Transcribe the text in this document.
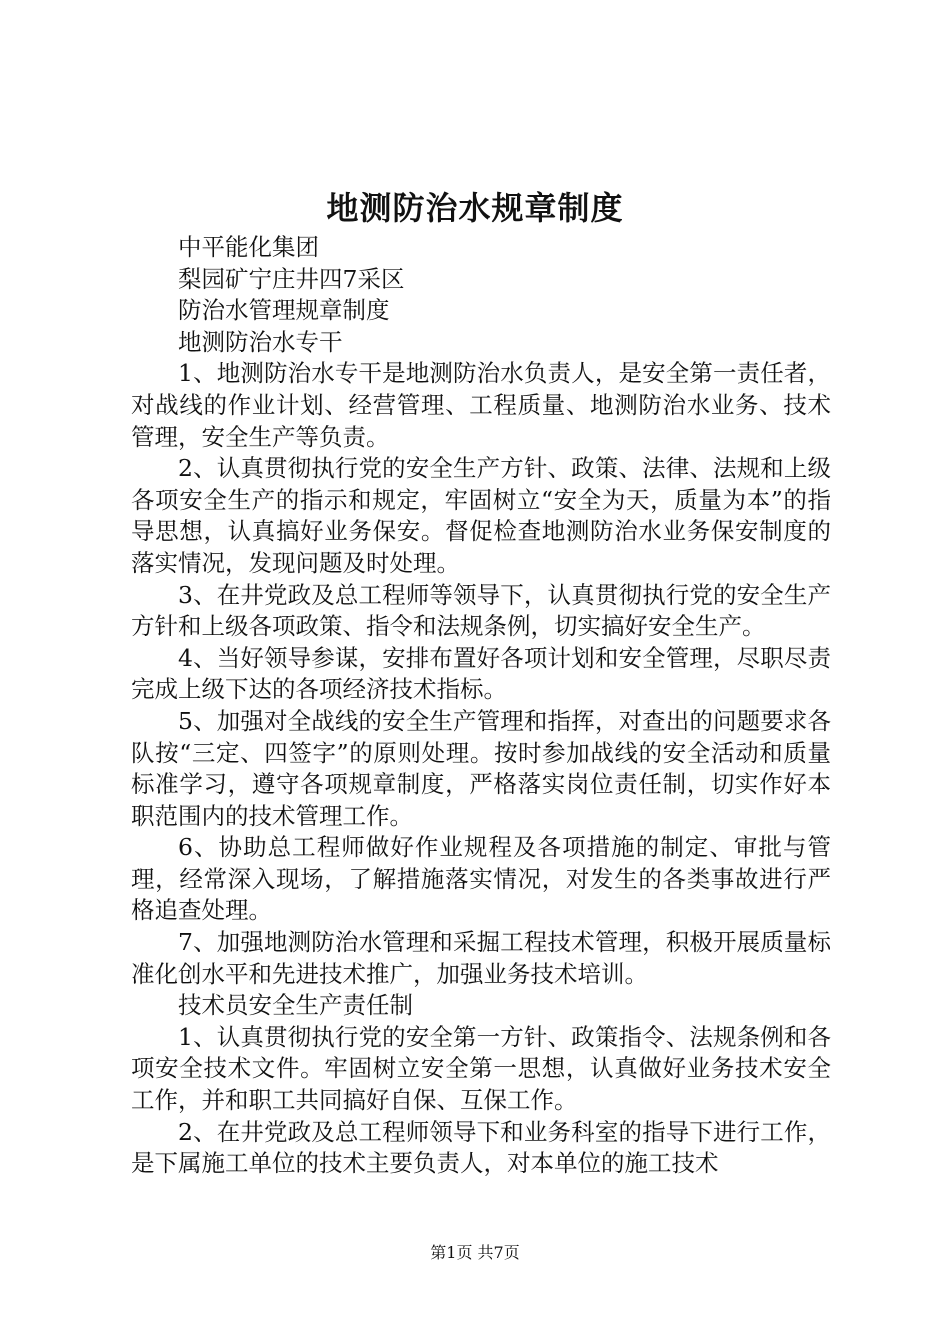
地测防治水规章制度

中平能化集团

梨园矿宁庄井四7采区

防治水管理规章制度

地测防治水专干

1、地测防治水专干是地测防治水负责人，是安全第一责任者，对战线的作业计划、经营管理、工程质量、地测防治水业务、技术管理，安全生产等负责。

2、认真贯彻执行党的安全生产方针、政策、法律、法规和上级各项安全生产的指示和规定，牢固树立“安全为天，质量为本”的指导思想，认真搞好业务保安。督促检查地测防治水业务保安制度的落实情况，发现问题及时处理。

3、在井党政及总工程师等领导下，认真贯彻执行党的安全生产方针和上级各项政策、指令和法规条例，切实搞好安全生产。

4、当好领导参谋，安排布置好各项计划和安全管理，尽职尽责完成上级下达的各项经济技术指标。

5、加强对全战线的安全生产管理和指挥，对查出的问题要求各队按“三定、四签字”的原则处理。按时参加战线的安全活动和质量标准学习，遵守各项规章制度，严格落实岗位责任制，切实作好本职范围内的技术管理工作。

6、协助总工程师做好作业规程及各项措施的制定、审批与管理，经常深入现场，了解措施落实情况，对发生的各类事故进行严格追查处理。

7、加强地测防治水管理和采掘工程技术管理，积极开展质量标准化创水平和先进技术推广，加强业务技术培训。

技术员安全生产责任制

1、认真贯彻执行党的安全第一方针、政策指令、法规条例和各项安全技术文件。牢固树立安全第一思想，认真做好业务技术安全工作，并和职工共同搞好自保、互保工作。

2、在井党政及总工程师领导下和业务科室的指导下进行工作，是下属施工单位的技术主要负责人，对本单位的施工技术

第1页 共7页
